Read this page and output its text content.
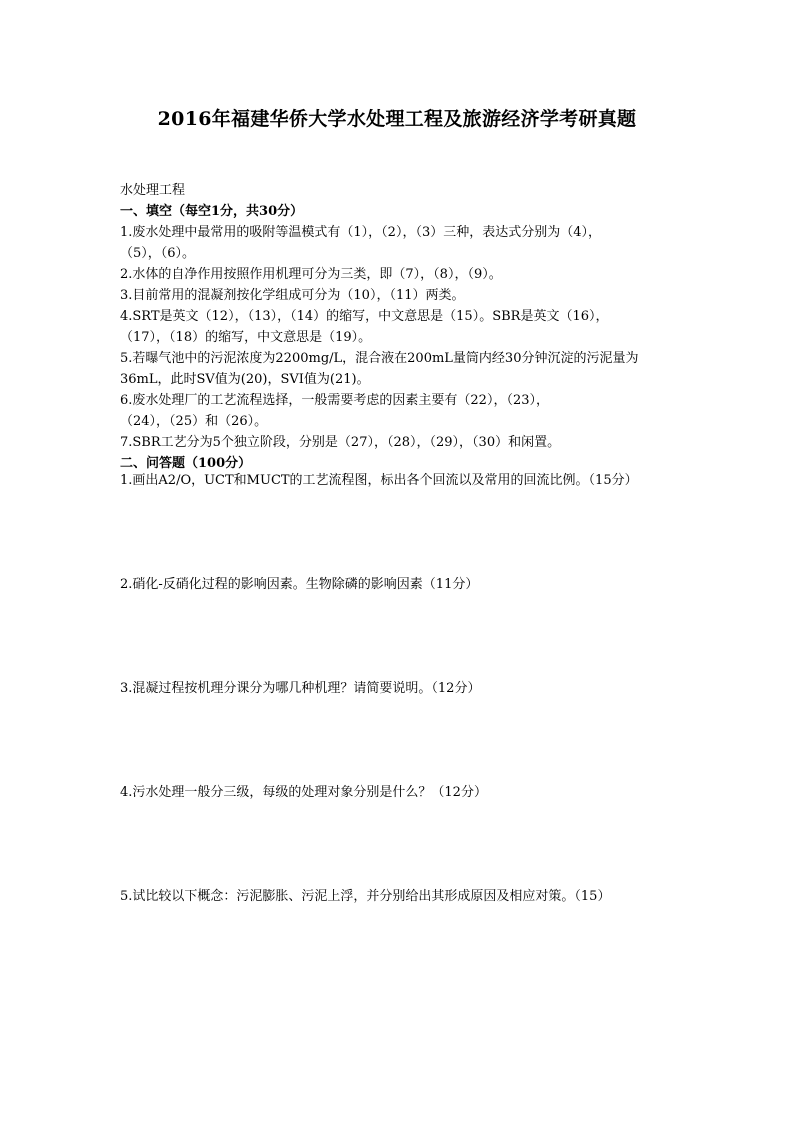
2016年福建华侨大学水处理工程及旅游经济学考研真题
水处理工程
一、填空（每空1分，共30分）
1.废水处理中最常用的吸附等温模式有（1），（2），（3）三种，表达式分别为（4），
（5），（6）。
2.水体的自净作用按照作用机理可分为三类，即（7），（8），（9）。
3.目前常用的混凝剂按化学组成可分为（10），（11）两类。
4.SRT是英文（12），（13），（14）的缩写，中文意思是（15）。SBR是英文（16），
（17），（18）的缩写，中文意思是（19）。
5.若曝气池中的污泥浓度为2200mg/L，混合液在200mL量筒内经30分钟沉淀的污泥量为
36mL，此时SV值为(20)，SVI值为(21)。
6.废水处理厂的工艺流程选择，一般需要考虑的因素主要有（22），（23），
（24），（25）和（26）。
7.SBR工艺分为5个独立阶段，分别是（27），（28），（29），（30）和闲置。
二、问答题（100分）
1.画出A2/O，UCT和MUCT的工艺流程图，标出各个回流以及常用的回流比例。（15分）
2.硝化-反硝化过程的影响因素。生物除磷的影响因素（11分）
3.混凝过程按机理分课分为哪几种机理？请简要说明。（12分）
4.污水处理一般分三级，每级的处理对象分别是什么？（12分）
5.试比较以下概念：污泥膨胀、污泥上浮，并分别给出其形成原因及相应对策。（15）
